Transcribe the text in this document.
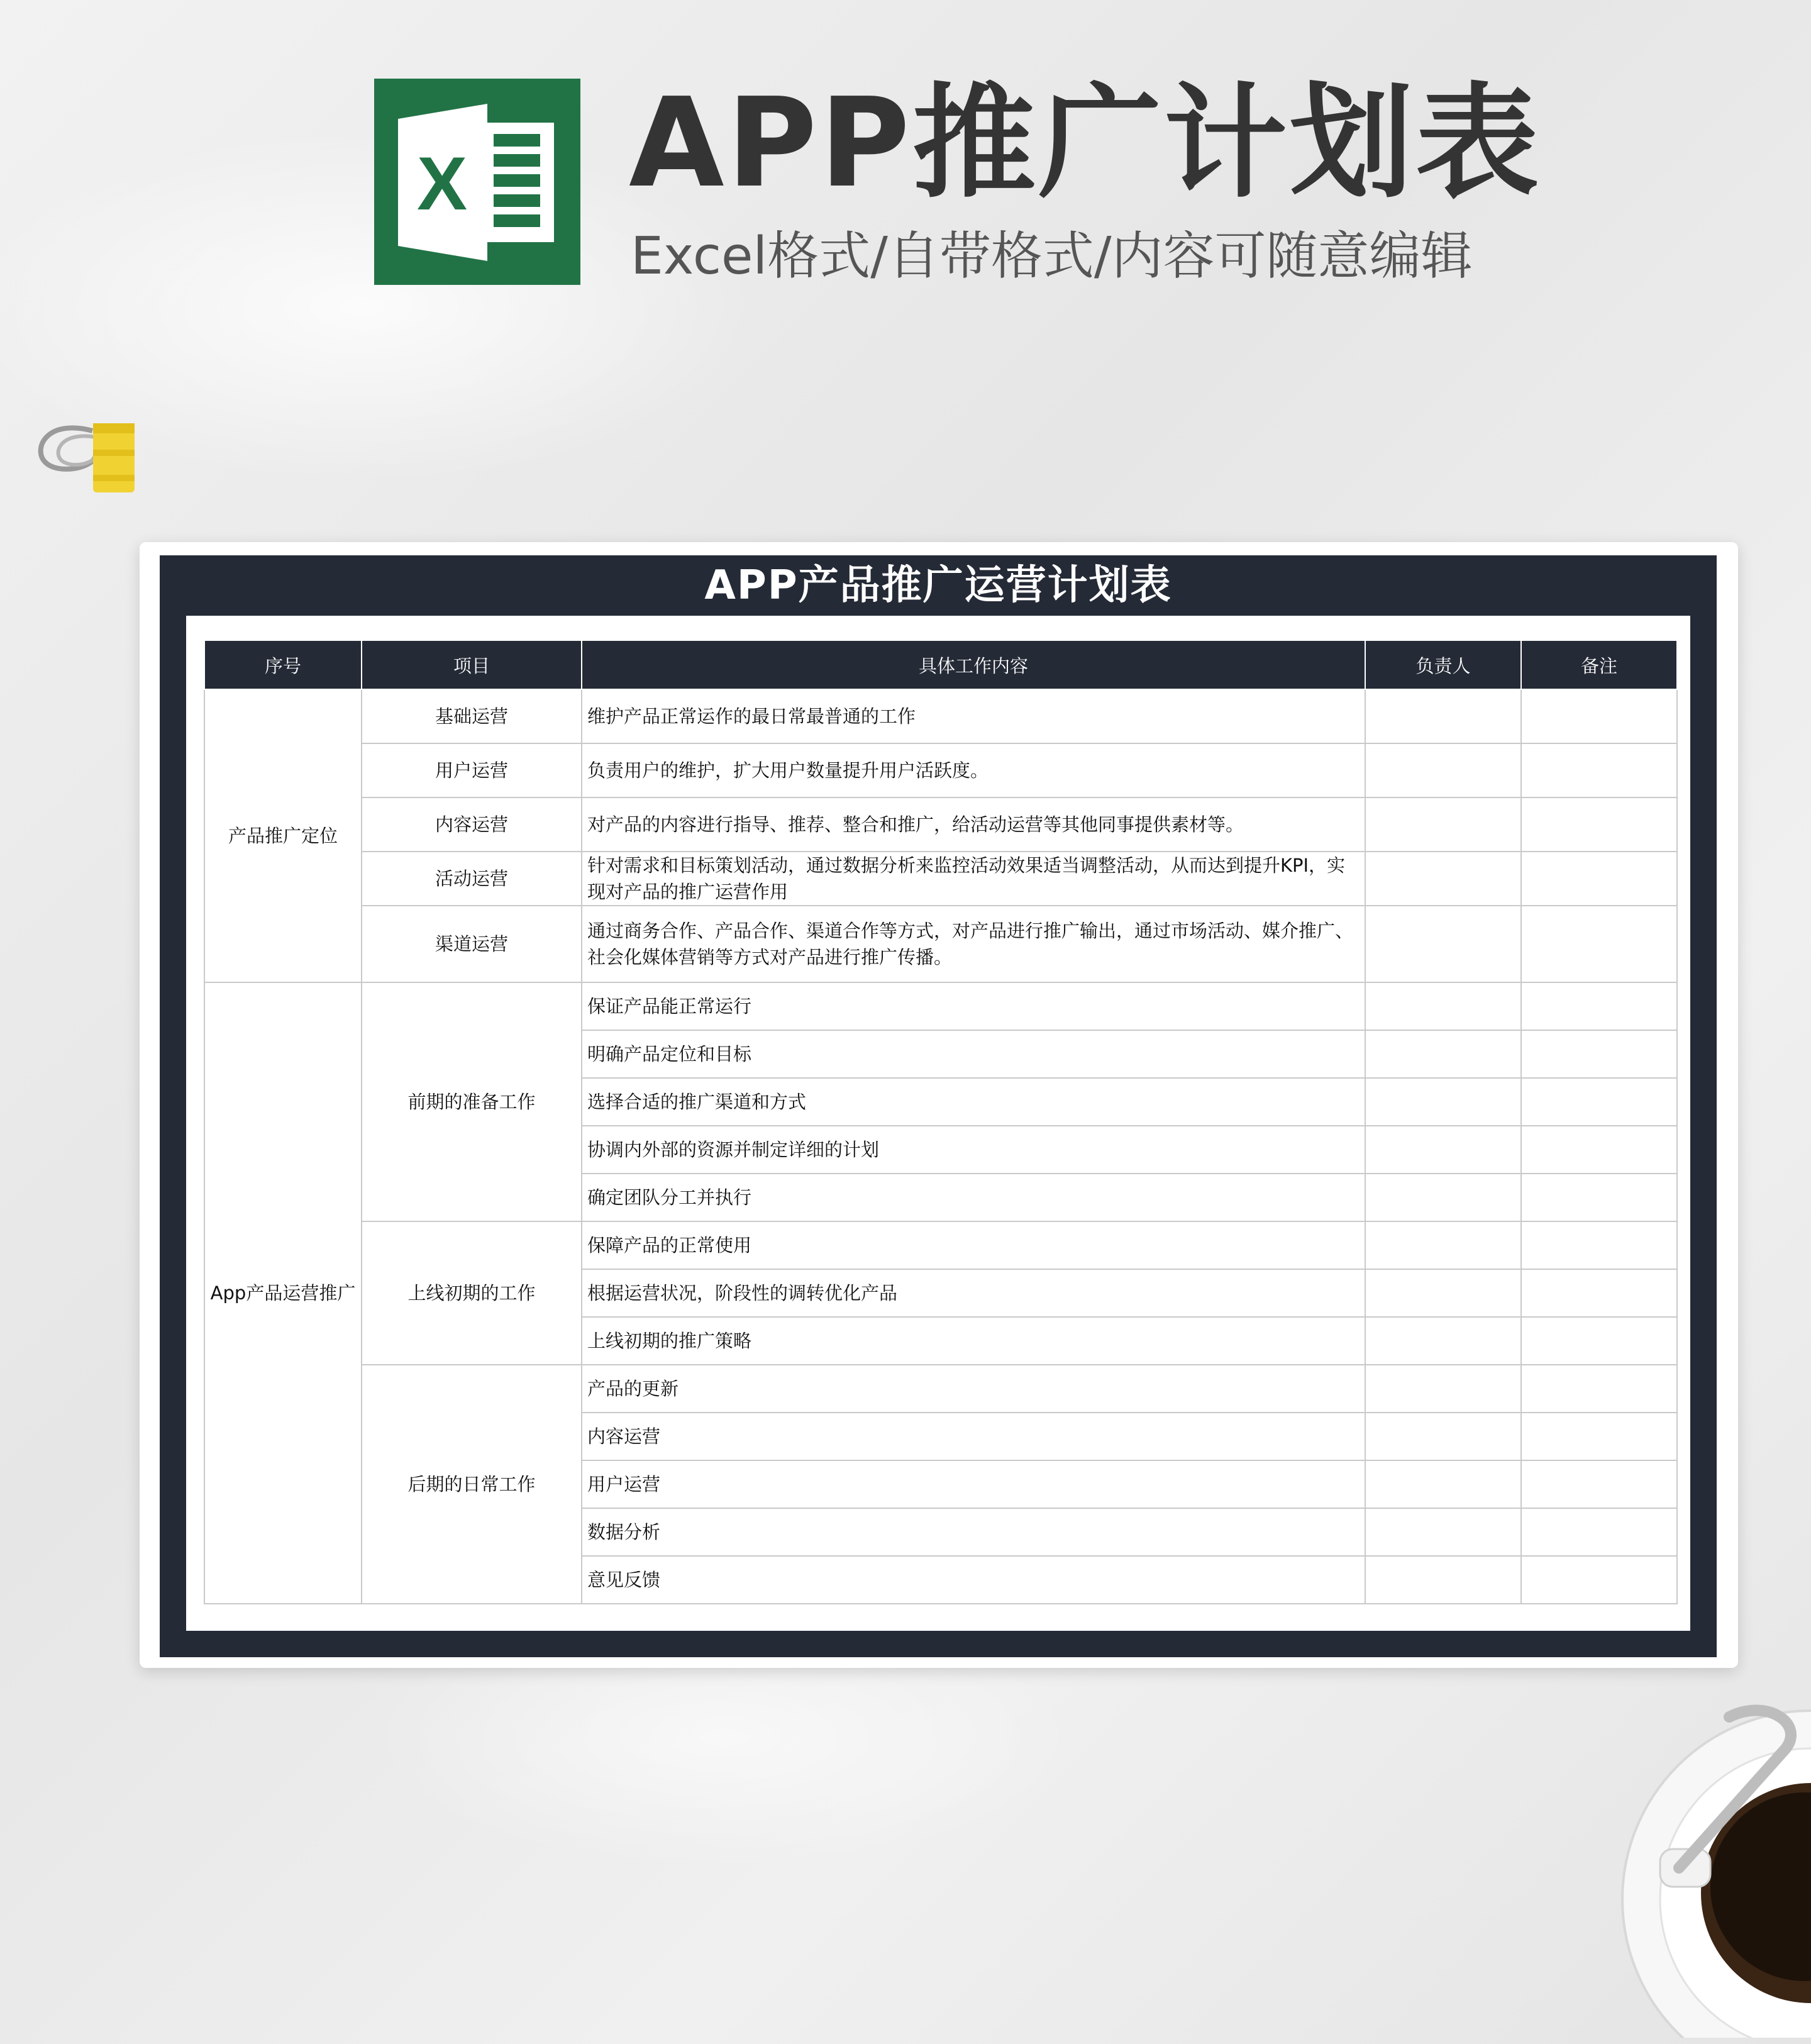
X APP推广计划表
Excel格式/自带格式/内容可随意编辑
APP产品推广运营计划表
序号	项目	具体工作内容	负责人	备注
产品推广定位	基础运营	维护产品正常运作的最日常最普通的工作		
	用户运营	负责用户的维护，扩大用户数量提升用户活跃度。		
	内容运营	对产品的内容进行指导、推荐、整合和推广，给活动运营等其他同事提供素材等。		
	活动运营	针对需求和目标策划活动，通过数据分析来监控活动效果适当调整活动，从而达到提升KPI，实现对产品的推广运营作用		
	渠道运营	通过商务合作、产品合作、渠道合作等方式，对产品进行推广输出，通过市场活动、媒介推广、社会化媒体营销等方式对产品进行推广传播。		
App产品运营推广	前期的准备工作	保证产品能正常运行		
		明确产品定位和目标		
		选择合适的推广渠道和方式		
		协调内外部的资源并制定详细的计划		
		确定团队分工并执行		
	上线初期的工作	保障产品的正常使用		
		根据运营状况，阶段性的调转优化产品		
		上线初期的推广策略		
	后期的日常工作	产品的更新		
		内容运营		
		用户运营		
		数据分析		
		意见反馈		
